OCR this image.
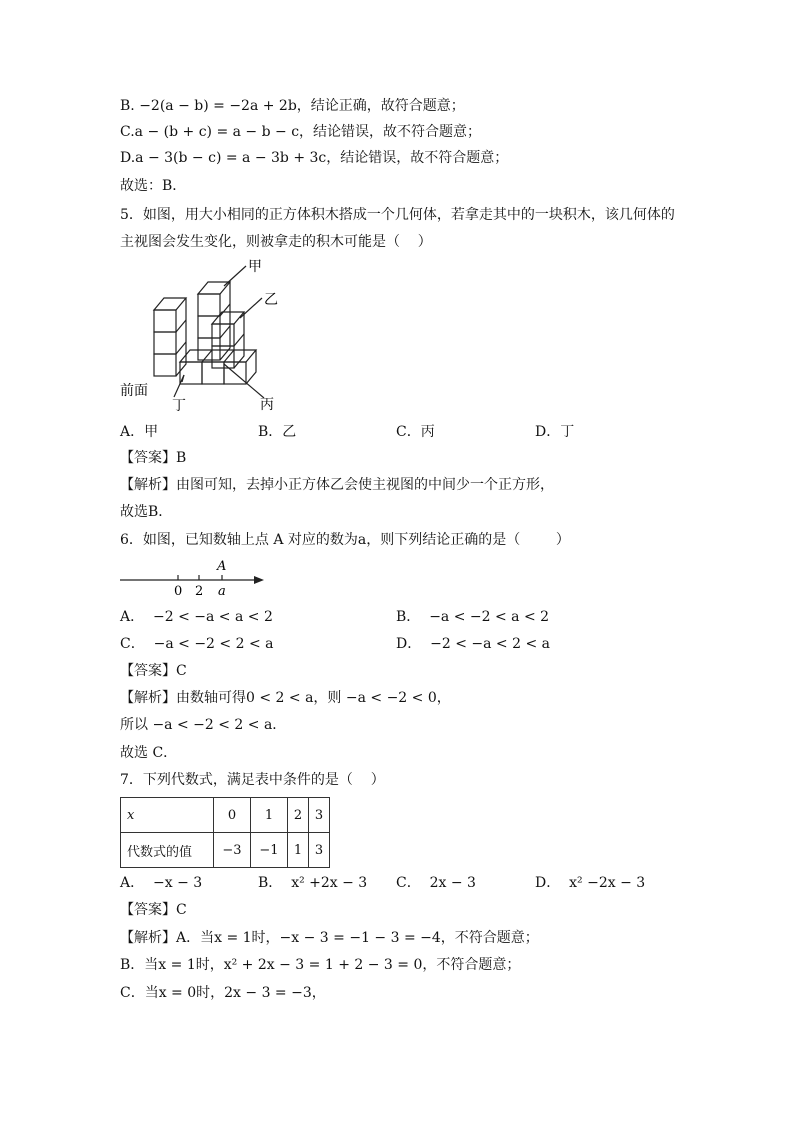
B. −2(a − b) = −2a + 2b，结论正确，故符合题意；
C.a − (b + c) = a − b − c，结论错误，故不符合题意；
D.a − 3(b − c) = a − 3b + 3c，结论错误，故不符合题意；
故选：B．
5．如图，用大小相同的正方体积木搭成一个几何体，若拿走其中的一块积木，该几何体的
主视图会发生变化，则被拿走的积木可能是（    ）
甲
乙
丙
丁
前面
A．甲	B．乙	C．丙	D．丁
【答案】B
【解析】由图可知，去掉小正方体乙会使主视图的中间少一个正方形，
故选B．
6．如图，已知数轴上点 A 对应的数为a，则下列结论正确的是（        ）
0 2 a
A
A．  −2 < −a < a < 2	B．  −a < −2 < a < 2
C．  −a < −2 < 2 < a	D．  −2 < −a < 2 < a
【答案】C
【解析】由数轴可得0 < 2 < a，则 −a < −2 < 0，
所以 −a < −2 < 2 < a．
故选 C．
7．下列代数式，满足表中条件的是（    ）
x	0	1	2	3
代数式的值	−3	−1	1	3
A．  −x − 3	B．  x² +2x − 3 C．  2x − 3	D．  x² −2x − 3
【答案】C
【解析】A．当x = 1时，−x − 3 = −1 − 3 = −4，不符合题意；
B．当x = 1时，x² + 2x − 3 = 1 + 2 − 3 = 0，不符合题意；
C．当x = 0时，2x − 3 = −3，
